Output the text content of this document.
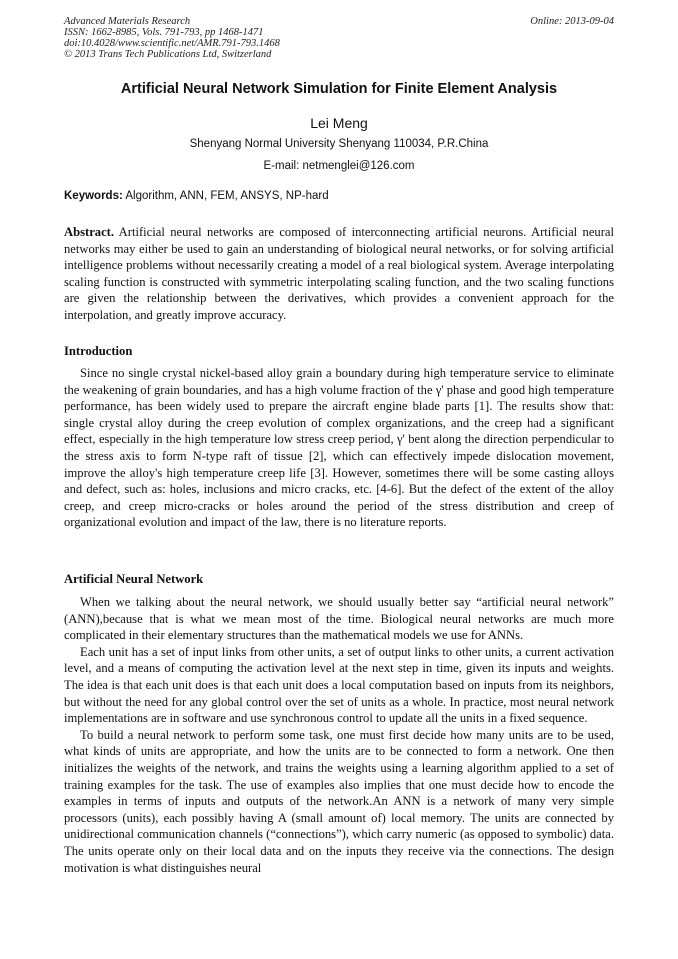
Advanced Materials Research
ISSN: 1662-8985, Vols. 791-793, pp 1468-1471
doi:10.4028/www.scientific.net/AMR.791-793.1468
© 2013 Trans Tech Publications Ltd, Switzerland
Online: 2013-09-04
Artificial Neural Network Simulation for Finite Element Analysis
Lei Meng
Shenyang Normal University Shenyang 110034, P.R.China
E-mail: netmenglei@126.com
Keywords: Algorithm, ANN, FEM, ANSYS, NP-hard
Abstract. Artificial neural networks are composed of interconnecting artificial neurons. Artificial neural networks may either be used to gain an understanding of biological neural networks, or for solving artificial intelligence problems without necessarily creating a model of a real biological system. Average interpolating scaling function is constructed with symmetric interpolating scaling function, and the two scaling functions are given the relationship between the derivatives, which provides a convenient approach for the interpolation, and greatly improve accuracy.
Introduction
Since no single crystal nickel-based alloy grain a boundary during high temperature service to eliminate the weakening of grain boundaries, and has a high volume fraction of the γ' phase and good high temperature performance, has been widely used to prepare the aircraft engine blade parts [1]. The results show that: single crystal alloy during the creep evolution of complex organizations, and the creep had a significant effect, especially in the high temperature low stress creep period, γ' bent along the direction perpendicular to the stress axis to form N-type raft of tissue [2], which can effectively impede dislocation movement, improve the alloy's high temperature creep life [3]. However, sometimes there will be some casting alloys and defect, such as: holes, inclusions and micro cracks, etc. [4-6]. But the defect of the extent of the alloy creep, and creep micro-cracks or holes around the period of the stress distribution and creep of organizational evolution and impact of the law, there is no literature reports.
Artificial Neural Network

When we talking about the neural network, we should usually better say “artificial neural network” (ANN),because that is what we mean most of the time. Biological neural networks are much more complicated in their elementary structures than the mathematical models we use for ANNs.

Each unit has a set of input links from other units, a set of output links to other units, a current activation level, and a means of computing the activation level at the next step in time, given its inputs and weights. The idea is that each unit does is that each unit does a local computation based on inputs from its neighbors, but without the need for any global control over the set of units as a whole. In practice, most neural network implementations are in software and use synchronous control to update all the units in a fixed sequence.

To build a neural network to perform some task, one must first decide how many units are to be used, what kinds of units are appropriate, and how the units are to be connected to form a network. One then initializes the weights of the network, and trains the weights using a learning algorithm applied to a set of training examples for the task. The use of examples also implies that one must decide how to encode the examples in terms of inputs and outputs of the network.An ANN is a network of many very simple processors (units), each possibly having A (small amount of) local memory. The units are connected by unidirectional communication channels (“connections”), which carry numeric (as opposed to symbolic) data. The units operate only on their local data and on the inputs they receive via the connections. The design motivation is what distinguishes neural
